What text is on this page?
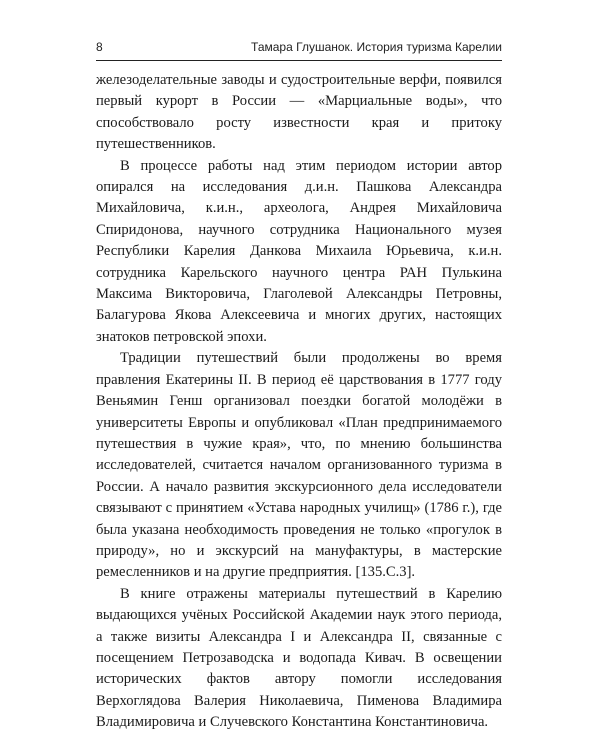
8	Тамара Глушанок. История туризма Карелии

железоделательные заводы и судостроительные верфи, появился первый курорт в России — «Марциальные воды», что способствовало росту известности края и притоку путешественников.

В процессе работы над этим периодом истории автор опирался на исследования д.и.н. Пашкова Александра Михайловича, к.и.н., археолога, Андрея Михайловича Спиридонова, научного сотрудника Национального музея Республики Карелия Данкова Михаила Юрьевича, к.и.н. сотрудника Карельского научного центра РАН Пулькина Максима Викторовича, Глаголевой Александры Петровны, Балагурова Якова Алексеевича и многих других, настоящих знатоков петровской эпохи.

Традиции путешествий были продолжены во время правления Екатерины II. В период её царствования в 1777 году Веньямин Генш организовал поездки богатой молодёжи в университеты Европы и опубликовал «План предпринимаемого путешествия в чужие края», что, по мнению большинства исследователей, считается началом организованного туризма в России. А начало развития экскурсионного дела исследователи связывают с принятием «Устава народных училищ» (1786 г.), где была указана необходимость проведения не только «прогулок в природу», но и экскурсий на мануфактуры, в мастерские ремесленников и на другие предприятия. [135.С.3].

В книге отражены материалы путешествий в Карелию выдающихся учёных Российской Академии наук этого периода, а также визиты Александра I и Александра II, связанные с посещением Петрозаводска и водопада Кивач. В освещении исторических фактов автору помогли исследования Верхоглядова Валерия Николаевича, Пименова Владимира Владимировича и Случевского Константина Константиновича.
